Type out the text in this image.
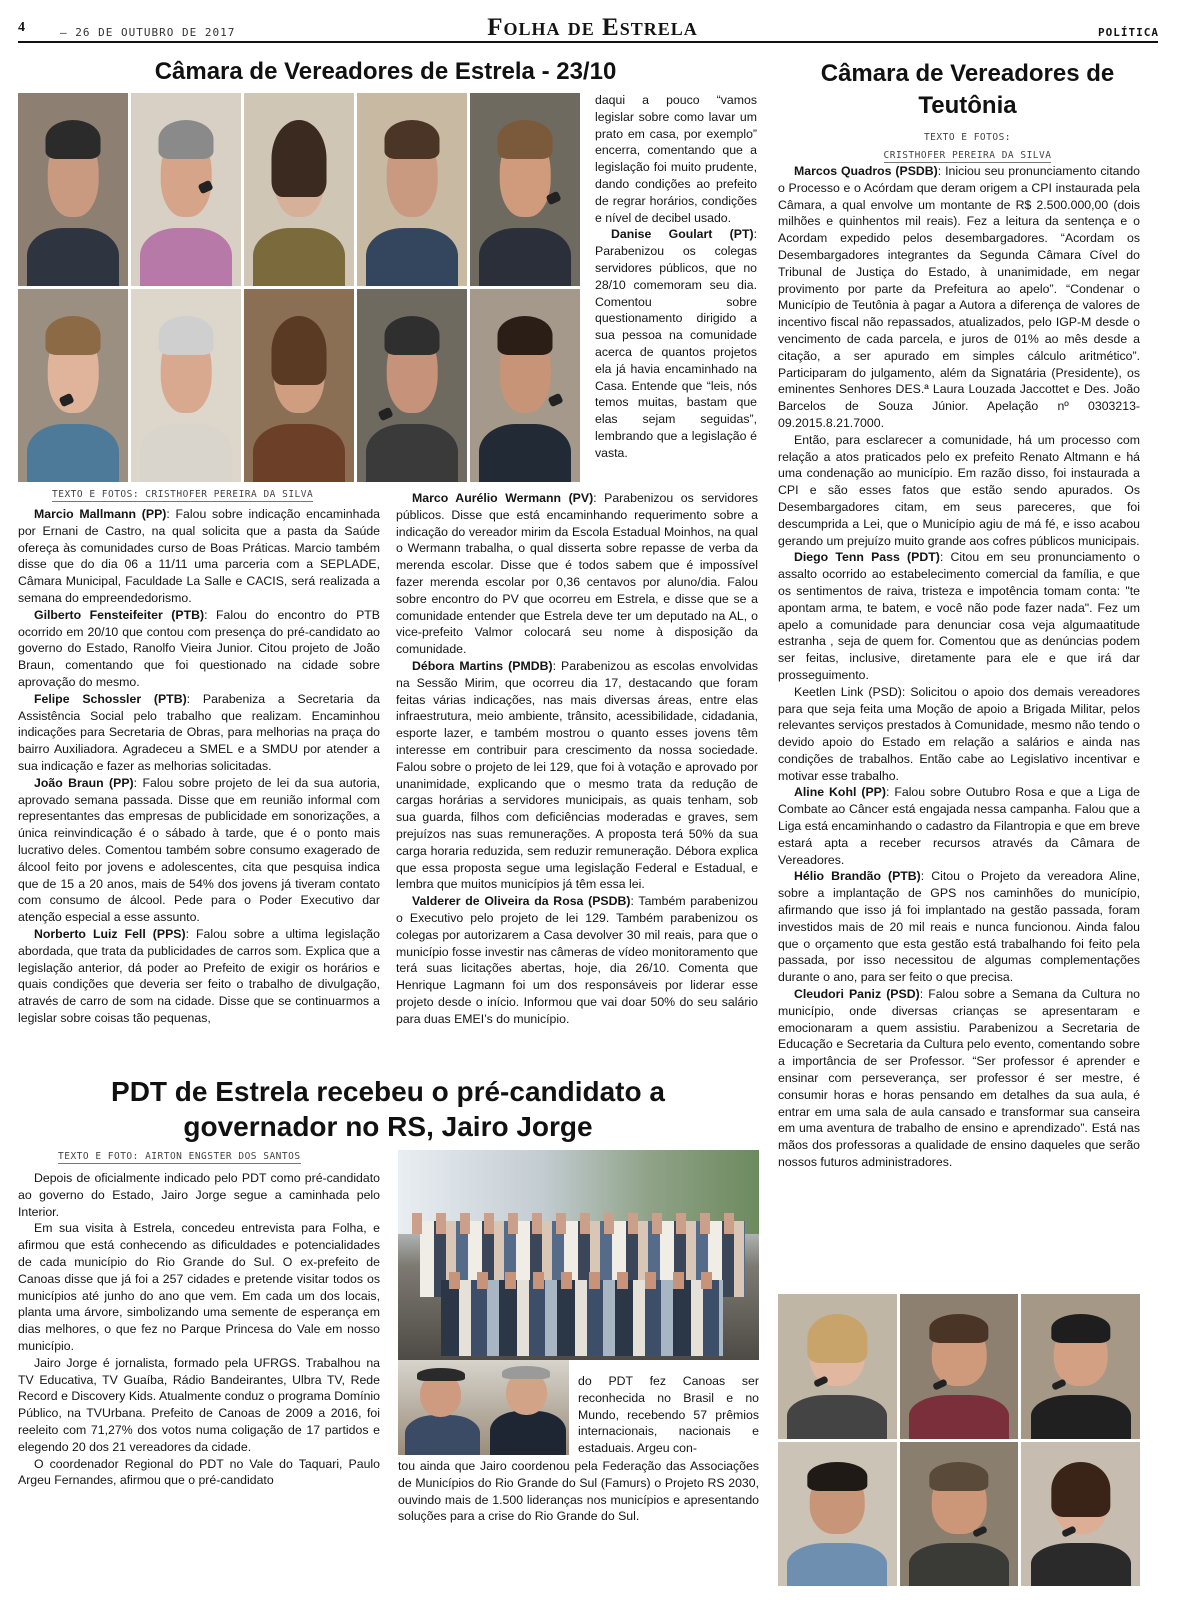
4	– 26 DE OUTUBRO DE 2017	Folha de Estrela	POLÍTICA
Câmara de Vereadores de Estrela - 23/10

daqui a pouco “vamos legislar sobre como lavar um prato em casa, por exemplo” encerra, comentando que a legislação foi muito prudente, dando condições ao prefeito de regrar horários, condições e nível de decibel usado.

Danise Goulart (PT): Parabenizou os colegas servidores públicos, que no 28/10 comemoram seu dia. Comentou sobre questionamento dirigido a sua pessoa na comunidade acerca de quantos projetos ela já havia encaminhado na Casa. Entende que “leis, nós temos muitas, bastam que elas sejam seguidas”, lembrando que a legislação é vasta.

TEXTO E FOTOS: CRISTHOFER PEREIRA DA SILVA

Marcio Mallmann (PP): Falou sobre indicação encaminhada por Ernani de Castro, na qual solicita que a pasta da Saúde ofereça às comunidades curso de Boas Práticas. Marcio também disse que do dia 06 a 11/11 uma parceria com a SEPLADE, Câmara Municipal, Faculdade La Salle e CACIS, será realizada a semana do empreendedorismo.

Gilberto Fensteifeiter (PTB): Falou do encontro do PTB ocorrido em 20/10 que contou com presença do pré-candidato ao governo do Estado, Ranolfo Vieira Junior. Citou projeto de João Braun, comentando que foi questionado na cidade sobre aprovação do mesmo.

Felipe Schossler (PTB): Parabeniza a Secretaria da Assistência Social pelo trabalho que realizam. Encaminhou indicações para Secretaria de Obras, para melhorias na praça do bairro Auxiliadora. Agradeceu a SMEL e a SMDU por atender a sua indicação e fazer as melhorias solicitadas.

João Braun (PP): Falou sobre projeto de lei da sua autoria, aprovado semana passada. Disse que em reunião informal com representantes das empresas de publicidade em sonorizações, a única reinvindicação é o sábado à tarde, que é o ponto mais lucrativo deles. Comentou também sobre consumo exagerado de álcool feito por jovens e adolescentes, cita que pesquisa indica que de 15 a 20 anos, mais de 54% dos jovens já tiveram contato com consumo de álcool. Pede para o Poder Executivo dar atenção especial a esse assunto.

Norberto Luiz Fell (PPS): Falou sobre a ultima legislação abordada, que trata da publicidades de carros som. Explica que a legislação anterior, dá poder ao Prefeito de exigir os horários e quais condições que deveria ser feito o trabalho de divulgação, através de carro de som na cidade. Disse que se continuarmos a legislar sobre coisas tão pequenas,

Marco Aurélio Wermann (PV): Parabenizou os servidores públicos. Disse que está encaminhando requerimento sobre a indicação do vereador mirim da Escola Estadual Moinhos, na qual o Wermann trabalha, o qual disserta sobre repasse de verba da merenda escolar. Disse que é todos sabem que é impossível fazer merenda escolar por 0,36 centavos por aluno/dia. Falou sobre encontro do PV que ocorreu em Estrela, e disse que se a comunidade entender que Estrela deve ter um deputado na AL, o vice-prefeito Valmor colocará seu nome à disposição da comunidade.

Débora Martins (PMDB): Parabenizou as escolas envolvidas na Sessão Mirim, que ocorreu dia 17, destacando que foram feitas várias indicações, nas mais diversas áreas, entre elas infraestrutura, meio ambiente, trânsito, acessibilidade, cidadania, esporte lazer, e também mostrou o quanto esses jovens têm interesse em contribuir para crescimento da nossa sociedade. Falou sobre o projeto de lei 129, que foi à votação e aprovado por unanimidade, explicando que o mesmo trata da redução de cargas horárias a servidores municipais, as quais tenham, sob sua guarda, filhos com deficiências moderadas e graves, sem prejuízos nas suas remunerações. A proposta terá 50% da sua carga horaria reduzida, sem reduzir remuneração. Débora explica que essa proposta segue uma legislação Federal e Estadual, e lembra que muitos municípios já têm essa lei.

Valderer de Oliveira da Rosa (PSDB): Também parabenizou o Executivo pelo projeto de lei 129. Também parabenizou os colegas por autorizarem a Casa devolver 30 mil reais, para que o município fosse investir nas câmeras de vídeo monitoramento que terá suas licitações abertas, hoje, dia 26/10. Comenta que Henrique Lagmann foi um dos responsáveis por liderar esse projeto desde o início. Informou que vai doar 50% do seu salário para duas EMEI’s do município.

Câmara de Vereadores de Teutônia
TEXTO E FOTOS:
CRISTHOFER PEREIRA DA SILVA

Marcos Quadros (PSDB): Iniciou seu pronunciamento citando o Processo e o Acórdam que deram origem a CPI instaurada pela Câmara, a qual envolve um montante de R$ 2.500.000,00 (dois milhões e quinhentos mil reais). Fez a leitura da sentença e o Acordam expedido pelos desembargadores. “Acordam os Desembargadores integrantes da Segunda Câmara Cível do Tribunal de Justiça do Estado, à unanimidade, em negar provimento por parte da Prefeitura ao apelo”. “Condenar o Município de Teutônia à pagar a Autora a diferença de valores de incentivo fiscal não repassados, atualizados, pelo IGP-M desde o vencimento de cada parcela, e juros de 01% ao mês desde a citação, a ser apurado em simples cálculo aritmético”. Participaram do julgamento, além da Signatária (Presidente), os eminentes Senhores DES.ª Laura Louzada Jaccottet e Des. João Barcelos de Souza Júnior. Apelação nº 0303213-09.2015.8.21.7000.

Então, para esclarecer a comunidade, há um processo com relação a atos praticados pelo ex prefeito Renato Altmann e há uma condenação ao município. Em razão disso, foi instaurada a CPI e são esses fatos que estão sendo apurados. Os Desembargadores citam, em seus pareceres, que foi descumprida a Lei, que o Município agiu de má fé, e isso acabou gerando um prejuízo muito grande aos cofres públicos municipais.

Diego Tenn Pass (PDT): Citou em seu pronunciamento o assalto ocorrido ao estabelecimento comercial da família, e que os sentimentos de raiva, tristeza e impotência tomam conta: "te apontam arma, te batem, e você não pode fazer nada". Fez um apelo a comunidade para denunciar cosa veja algumaatitude estranha , seja de quem for. Comentou que as denúncias podem ser feitas, inclusive, diretamente para ele e que irá dar prosseguimento.

Keetlen Link (PSD): Solicitou o apoio dos demais vereadores para que seja feita uma Moção de apoio a Brigada Militar, pelos relevantes serviços prestados à Comunidade, mesmo não tendo o devido apoio do Estado em relação a salários e ainda nas condições de trabalhos. Então cabe ao Legislativo incentivar e motivar esse trabalho.

Aline Kohl (PP): Falou sobre Outubro Rosa e que a Liga de Combate ao Câncer está engajada nessa campanha. Falou que a Liga está encaminhando o cadastro da Filantropia e que em breve estará apta a receber recursos através da Câmara de Vereadores.

Hélio Brandão (PTB): Citou o Projeto da vereadora Aline, sobre a implantação de GPS nos caminhões do município, afirmando que isso já foi implantado na gestão passada, foram investidos mais de 20 mil reais e nunca funcionou. Ainda falou que o orçamento que esta gestão está trabalhando foi feito pela passada, por isso necessitou de algumas complementações durante o ano, para ser feito o que precisa.

Cleudori Paniz (PSD): Falou sobre a Semana da Cultura no município, onde diversas crianças se apresentaram e emocionaram a quem assistiu. Parabenizou a Secretaria de Educação e Secretaria da Cultura pelo evento, comentando sobre a importância de ser Professor. “Ser professor é aprender e ensinar com perseverança, ser professor é ser mestre, é consumir horas e horas pensando em detalhes da sua aula, é entrar em uma sala de aula cansado e transformar sua canseira em uma aventura de trabalho de ensino e aprendizado”. Está nas mãos dos professoras a qualidade de ensino daqueles que serão nossos futuros administradores.

PDT de Estrela recebeu o pré-candidato a
governador no RS, Jairo Jorge
TEXTO E FOTO: AIRTON ENGSTER DOS SANTOS

Depois de oficialmente indicado pelo PDT como pré-candidato ao governo do Estado, Jairo Jorge segue a caminhada pelo Interior.

Em sua visita à Estrela, concedeu entrevista para Folha, e afirmou que está conhecendo as dificuldades e potencialidades de cada município do Rio Grande do Sul. O ex-prefeito de Canoas disse que já foi a 257 cidades e pretende visitar todos os municípios até junho do ano que vem. Em cada um dos locais, planta uma árvore, simbolizando uma semente de esperança em dias melhores, o que fez no Parque Princesa do Vale em nosso município.

Jairo Jorge é jornalista, formado pela UFRGS. Trabalhou na TV Educativa, TV Guaíba, Rádio Bandeirantes, Ulbra TV, Rede Record e Discovery Kids. Atualmente conduz o programa Domínio Público, na TVUrbana. Prefeito de Canoas de 2009 a 2016, foi reeleito com 71,27% dos votos numa coligação de 17 partidos e elegendo 20 dos 21 vereadores da cidade.

O coordenador Regional do PDT no Vale do Taquari, Paulo Argeu Fernandes, afirmou que o pré-candidato

do PDT fez Canoas ser reconhecida no Brasil e no Mundo, recebendo 57 prêmios internacionais, nacionais e estaduais. Argeu con-

tou ainda que Jairo coordenou pela Federação das Associações de Municípios do Rio Grande do Sul (Famurs) o Projeto RS 2030, ouvindo mais de 1.500 lideranças nos municípios e apresentando soluções para a crise do Rio Grande do Sul.
